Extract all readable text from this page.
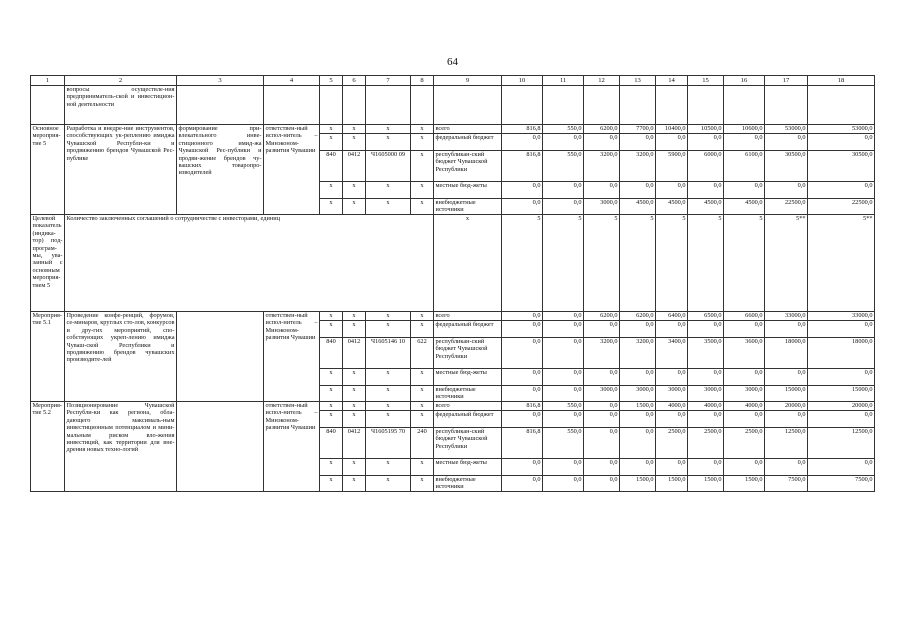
64
1	2	3	4	5	6	7	8	9	10	11	12	13	14	15	16	17	18
	вопросы осуществле-ния предприниматель-ской и инвестицион-ной деятельности																
Основное мероприя-тие 5	Разработка и внедре-ние инструментов, способствующих ук-реплению имиджа Чувашской Республи-ки и продвижению брендов Чувашской Рес-публике	формирование при-влекательного инве-стиционного имид-жа Чувашской Рес-публики и продви-жение брендов чу-вашских товаропро-изводителей	ответствен-ный испол-нитель – Минэконом-развития Чувашии	x	x	x	x	всего	816,8	550,0	6200,0	7700,0	10400,0	10500,0	10600,0	53000,0	53000,0
				x	x	x	x	федеральный бюджет	0,0	0,0	0,0	0,0	0,0	0,0	0,0	0,0	0,0
				840	0412	Ч1605000 09	x	республикан-ский бюджет Чувашской Республики	816,8	550,0	3200,0	3200,0	5900,0	6000,0	6100,0	30500,0	30500,0
				x	x	x	x	местные бюд-жеты	0,0	0,0	0,0	0,0	0,0	0,0	0,0	0,0	0,0
				x	x	x	x	внебюджетные источники	0,0	0,0	3000,0	4500,0	4500,0	4500,0	4500,0	22500,0	22500,0
Целевой показатель (индика-тор) под-програм-мы, ува-занный с основным мероприя-тием 5	Количество заключенных соглашений о сотрудничестве с инвесторами, единиц							x	5	5	5	5	5	5	5	5**	5**
Мероприя-тие 5.1	Проведение конфе-ренций, форумов, се-минаров, круглых сто-лов, конкурсов и дру-гих мероприятий, спо-собствующих укреп-лению имиджа Чуваш-ской Республики и продвижению брендов чувашских производите-лей		ответствен-ный испол-нитель – Минэконом-развития Чувашии	x	x	x	x	всего	0,0	0,0	6200,0	6200,0	6400,0	6500,0	6600,0	33000,0	33000,0
				x	x	x	x	федеральный бюджет	0,0	0,0	0,0	0,0	0,0	0,0	0,0	0,0	0,0
				840	0412	Ч1605146 10	622	республикан-ский бюджет Чувашской Республики	0,0	0,0	3200,0	3200,0	3400,0	3500,0	3600,0	18000,0	18000,0
				x	x	x	x	местные бюд-жеты	0,0	0,0	0,0	0,0	0,0	0,0	0,0	0,0	0,0
				x	x	x	x	внебюджетные источники	0,0	0,0	3000,0	3000,0	3000,0	3000,0	3000,0	15000,0	15000,0
Мероприя-тие 5.2	Позиционирование Чувашской Республи-ки как региона, обла-дающего максималь-ным инвестиционным потенциалом и мини-мальным риском вло-жения инвестиций, как территории для вне-дрения новых техно-логий		ответствен-ный испол-нитель – Минэконом-развития Чувашии	x	x	x	x	всего	816,8	550,0	0,0	1500,0	4000,0	4000,0	4000,0	20000,0	20000,0
				x	x	x	x	федеральный бюджет	0,0	0,0	0,0	0,0	0,0	0,0	0,0	0,0	0,0
				840	0412	Ч1605195 70	240	республикан-ский бюджет Чувашской Республики	816,8	550,0	0,0	0,0	2500,0	2500,0	2500,0	12500,0	12500,0
				x	x	x	x	местные бюд-жеты	0,0	0,0	0,0	0,0	0,0	0,0	0,0	0,0	0,0
				x	x	x	x	внебюджетные источники	0,0	0,0	0,0	1500,0	1500,0	1500,0	1500,0	7500,0	7500,0
